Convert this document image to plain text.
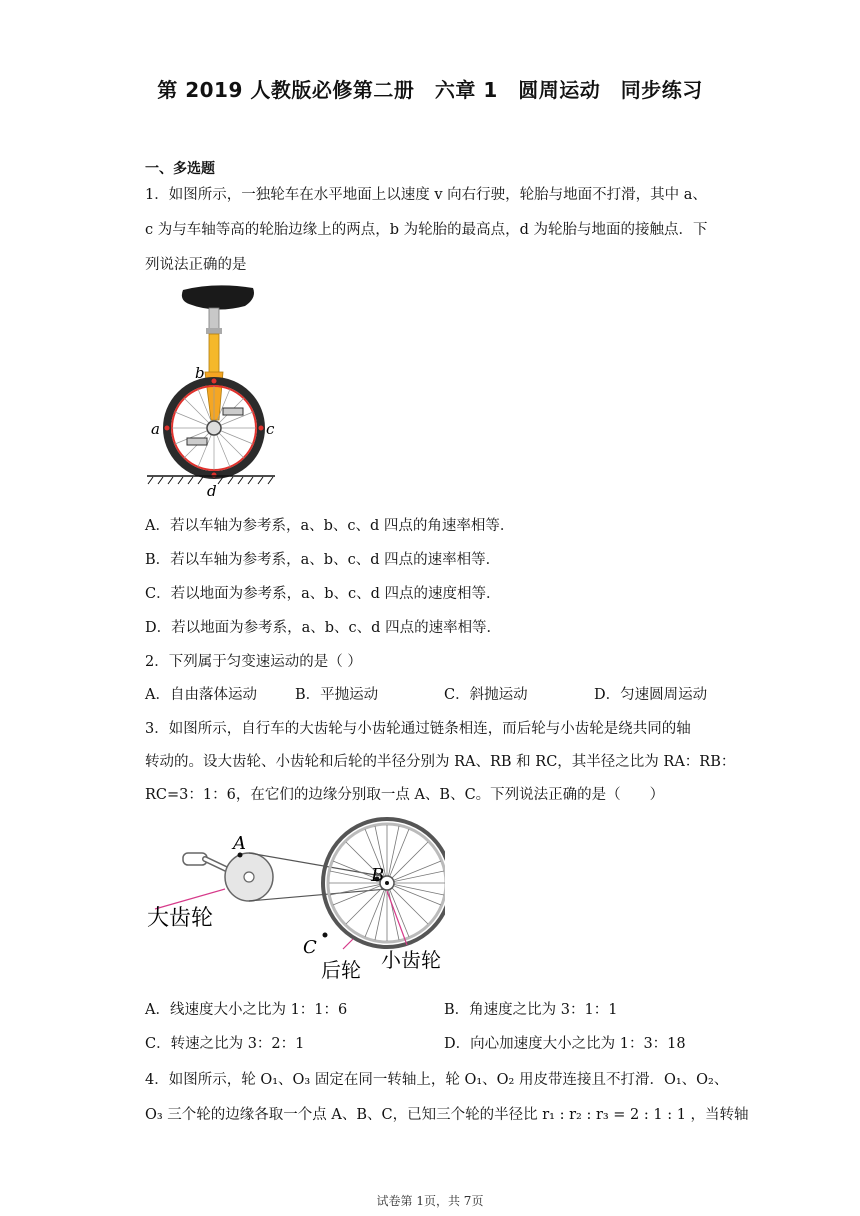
第 2019 人教版必修第二册　六章 1　圆周运动　同步练习
一、多选题
1．如图所示，一独轮车在水平地面上以速度 v 向右行驶，轮胎与地面不打滑，其中 a、
c 为与车轴等高的轮胎边缘上的两点，b 为轮胎的最高点，d 为轮胎与地面的接触点．下
列说法正确的是
b
a	c
d
A．若以车轴为参考系，a、b、c、d 四点的角速率相等．
B．若以车轴为参考系，a、b、c、d 四点的速率相等．
C．若以地面为参考系，a、b、c、d 四点的速度相等．
D．若以地面为参考系，a、b、c、d 四点的速率相等．
2．下列属于匀变速运动的是（ ）
A．自由落体运动	B．平抛运动	C．斜抛运动	D．匀速圆周运动
3．如图所示，自行车的大齿轮与小齿轮通过链条相连，而后轮与小齿轮是绕共同的轴
转动的。设大齿轮、小齿轮和后轮的半径分别为 RA、RB 和 RC，其半径之比为 RA：RB：
RC=3：1：6，在它们的边缘分别取一点 A、B、C。下列说法正确的是（　　）
A
B
C
大齿轮
后轮 小齿轮
A．线速度大小之比为 1：1：6	B．角速度之比为 3：1：1
C．转速之比为 3：2：1	D．向心加速度大小之比为 1：3：18
4．如图所示，轮 O₁、O₃ 固定在同一转轴上，轮 O₁、O₂ 用皮带连接且不打滑．O₁、O₂、
O₃ 三个轮的边缘各取一个点 A、B、C，已知三个轮的半径比 r₁ : r₂ : r₃ = 2 : 1 : 1 ，当转轴
试卷第 1页，共 7页
